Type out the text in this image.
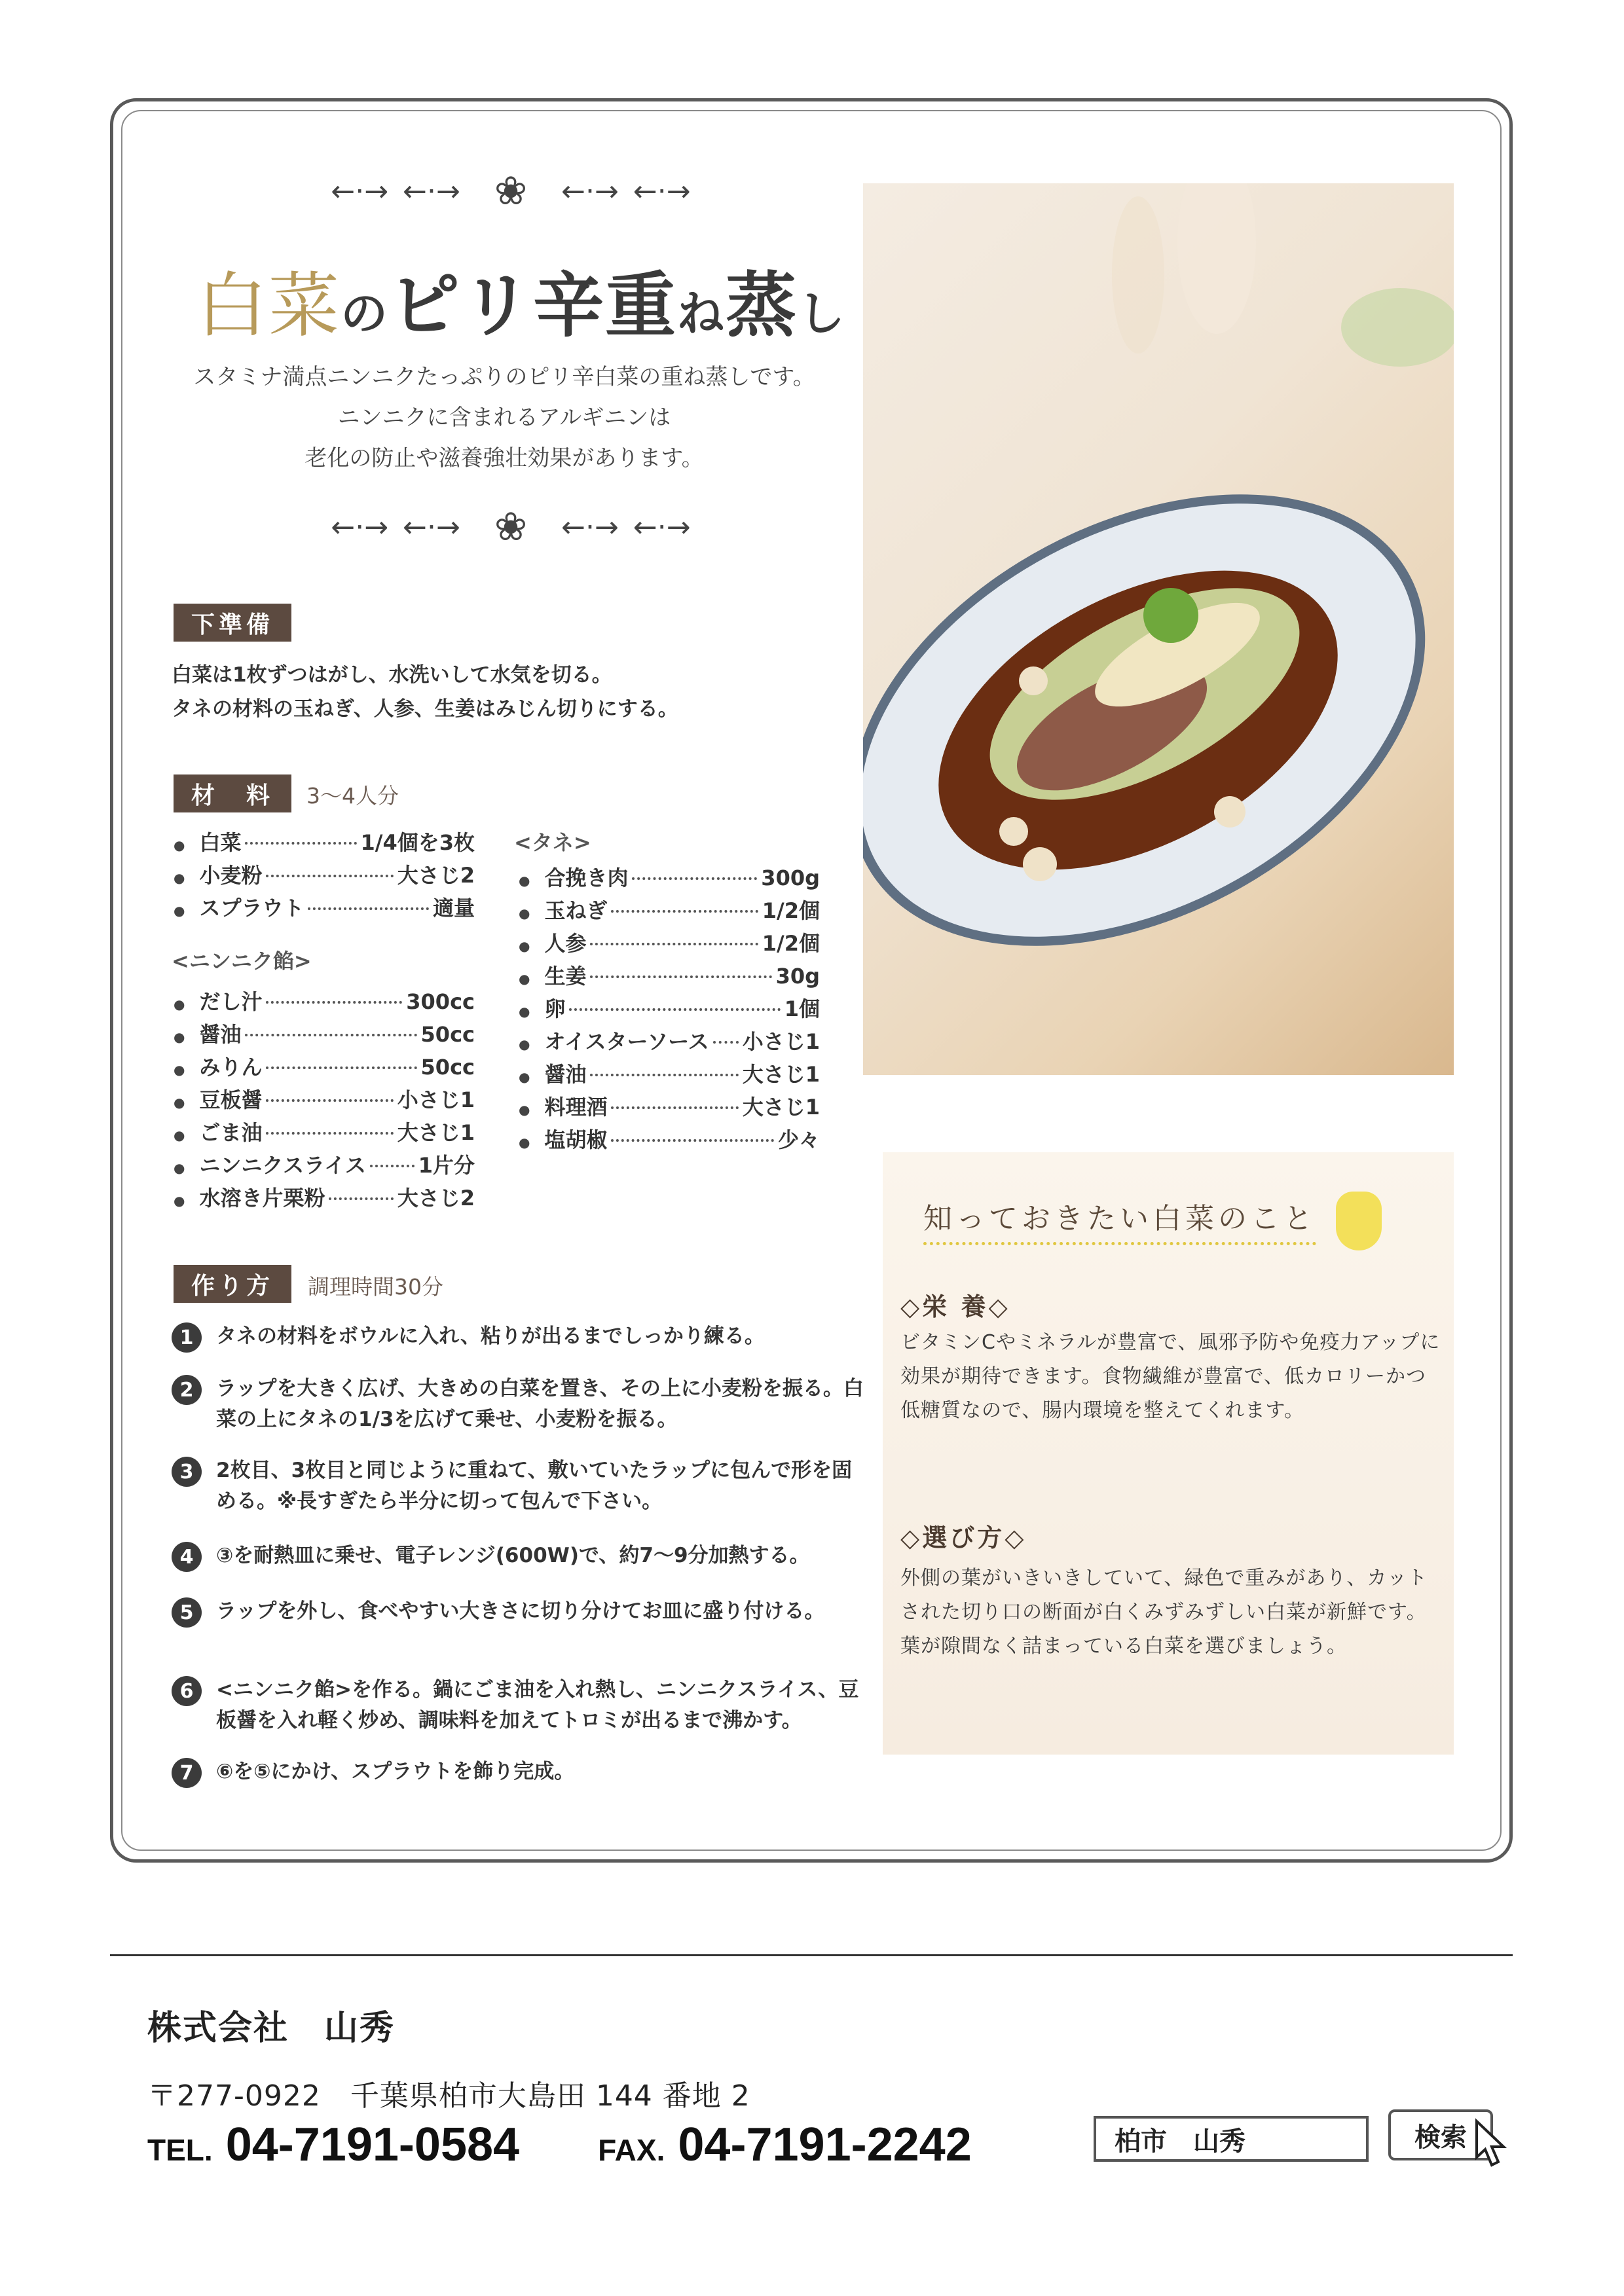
←·→ ←·→ ❀ ←·→ ←·→
白菜のピリ辛重ね蒸し
スタミナ満点ニンニクたっぷりのピリ辛白菜の重ね蒸しです。
ニンニクに含まれるアルギニンは
老化の防止や滋養強壮効果があります。
←·→ ←·→ ❀ ←·→ ←·→
下準備
白菜は1枚ずつはがし、水洗いして水気を切る。
タネの材料の玉ねぎ、人参、生姜はみじん切りにする。
材　料	3～4人分
● 白菜	1/4個を3枚
● 小麦粉	大さじ2
● スプラウト	適量
<ニンニク餡>
● だし汁	300cc
● 醤油	50cc
● みりん	50cc
● 豆板醤	小さじ1
● ごま油	大さじ1
● ニンニクスライス 1片分
● 水溶き片栗粉	大さじ2
<タネ>
● 合挽き肉	300g
● 玉ねぎ	1/2個
● 人参	1/2個
● 生姜	30g
● 卵	1個
● オイスターソース 小さじ1
● 醤油	大さじ1
● 料理酒	大さじ1
● 塩胡椒	少々
作り方	調理時間30分
1	タネの材料をボウルに入れ、粘りが出るまでしっかり練る。
2	ラップを大きく広げ、大きめの白菜を置き、その上に小麦粉を振る。白菜の上にタネの1/3を広げて乗せ、小麦粉を振る。
3	2枚目、3枚目と同じように重ねて、敷いていたラップに包んで形を固める。※長すぎたら半分に切って包んで下さい。
4	③を耐熱皿に乗せ、電子レンジ(600W)で、約7～9分加熱する。
5	ラップを外し、食べやすい大きさに切り分けてお皿に盛り付ける。
6	<ニンニク餡>を作る。鍋にごま油を入れ熱し、ニンニクスライス、豆板醤を入れ軽く炒め、調味料を加えてトロミが出るまで沸かす。
7	⑥を⑤にかけ、スプラウトを飾り完成。
知っておきたい白菜のこと
◇栄 養◇
ビタミンCやミネラルが豊富で、風邪予防や免疫力アップに効果が期待できます。食物繊維が豊富で、低カロリーかつ低糖質なので、腸内環境を整えてくれます。
◇選び方◇
外側の葉がいきいきしていて、緑色で重みがあり、カットされた切り口の断面が白くみずみずしい白菜が新鮮です。葉が隙間なく詰まっている白菜を選びましょう。
株式会社　山秀
〒277-0922　千葉県柏市大島田 144 番地 2
TEL. 04-7191-0584	FAX. 04-7191-2242	柏市　山秀	検索
